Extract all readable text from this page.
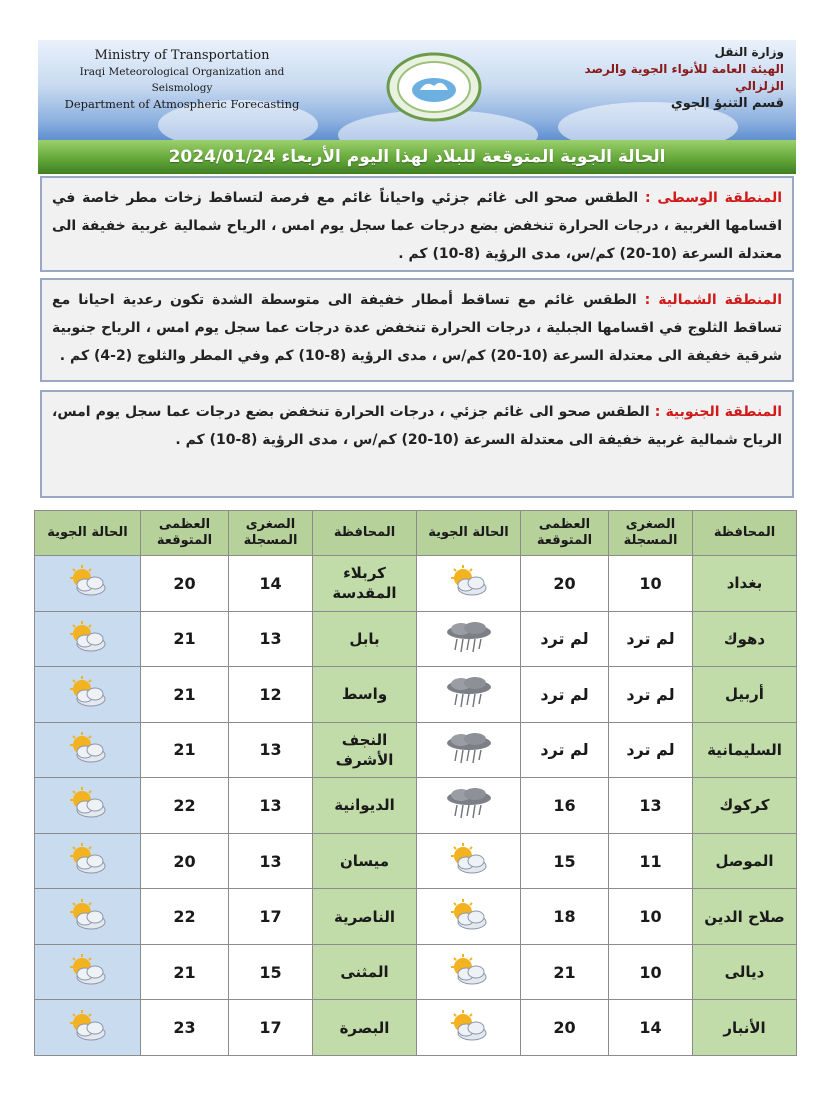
Ministry of Transportation
Iraqi Meteorological Organization and Seismology
Department of Atmospheric Forecasting
وزارة النقل
الهيئة العامة للأنواء الجوية والرصد الزلزالي
قسم التنبؤ الجوي
الحالة الجوية المتوقعة للبلاد لهذا اليوم الأربعاء 2024/01/24
المنطقة الوسطى : الطقس صحو الى غائم جزئي واحياناً غائم مع فرصة لتساقط زخات مطر خاصة في اقسامها الغربية ، درجات الحرارة تنخفض بضع درجات عما سجل يوم امس ، الرياح شمالية غربية خفيفة الى معتدلة السرعة (10-20) كم/س، مدى الرؤية (8-10) كم .
المنطقة الشمالية : الطقس غائم مع تساقط أمطار خفيفة الى متوسطة الشدة تكون رعدية احيانا مع تساقط الثلوج في اقسامها الجبلية ، درجات الحرارة تنخفض عدة درجات عما سجل يوم امس ، الرياح جنوبية شرقية خفيفة الى معتدلة السرعة (10-20) كم/س ، مدى الرؤية (8-10) كم وفي المطر والثلوج (2-4) كم .
المنطقة الجنوبية : الطقس صحو الى غائم جزئي ، درجات الحرارة تنخفض بضع درجات عما سجل يوم امس، الرياح شمالية غربية خفيفة الى معتدلة السرعة (10-20) كم/س ، مدى الرؤية (8-10) كم .
المحافظة	الصغرى المسجلة	العظمى المتوقعة	الحالة الجوية	المحافظة	الصغرى المسجلة	العظمى المتوقعة	الحالة الجوية
بغداد	10	20		كربلاء المقدسة	14	20	
دهوك	لم ترد	لم ترد		بابل	13	21	
أربيل	لم ترد	لم ترد		واسط	12	21	
السليمانية	لم ترد	لم ترد		النجف الأشرف	13	21	
كركوك	13	16		الديوانية	13	22	
الموصل	11	15		ميسان	13	20	
صلاح الدين	10	18		الناصرية	17	22	
ديالى	10	21		المثنى	15	21	
الأنبار	14	20		البصرة	17	23	
